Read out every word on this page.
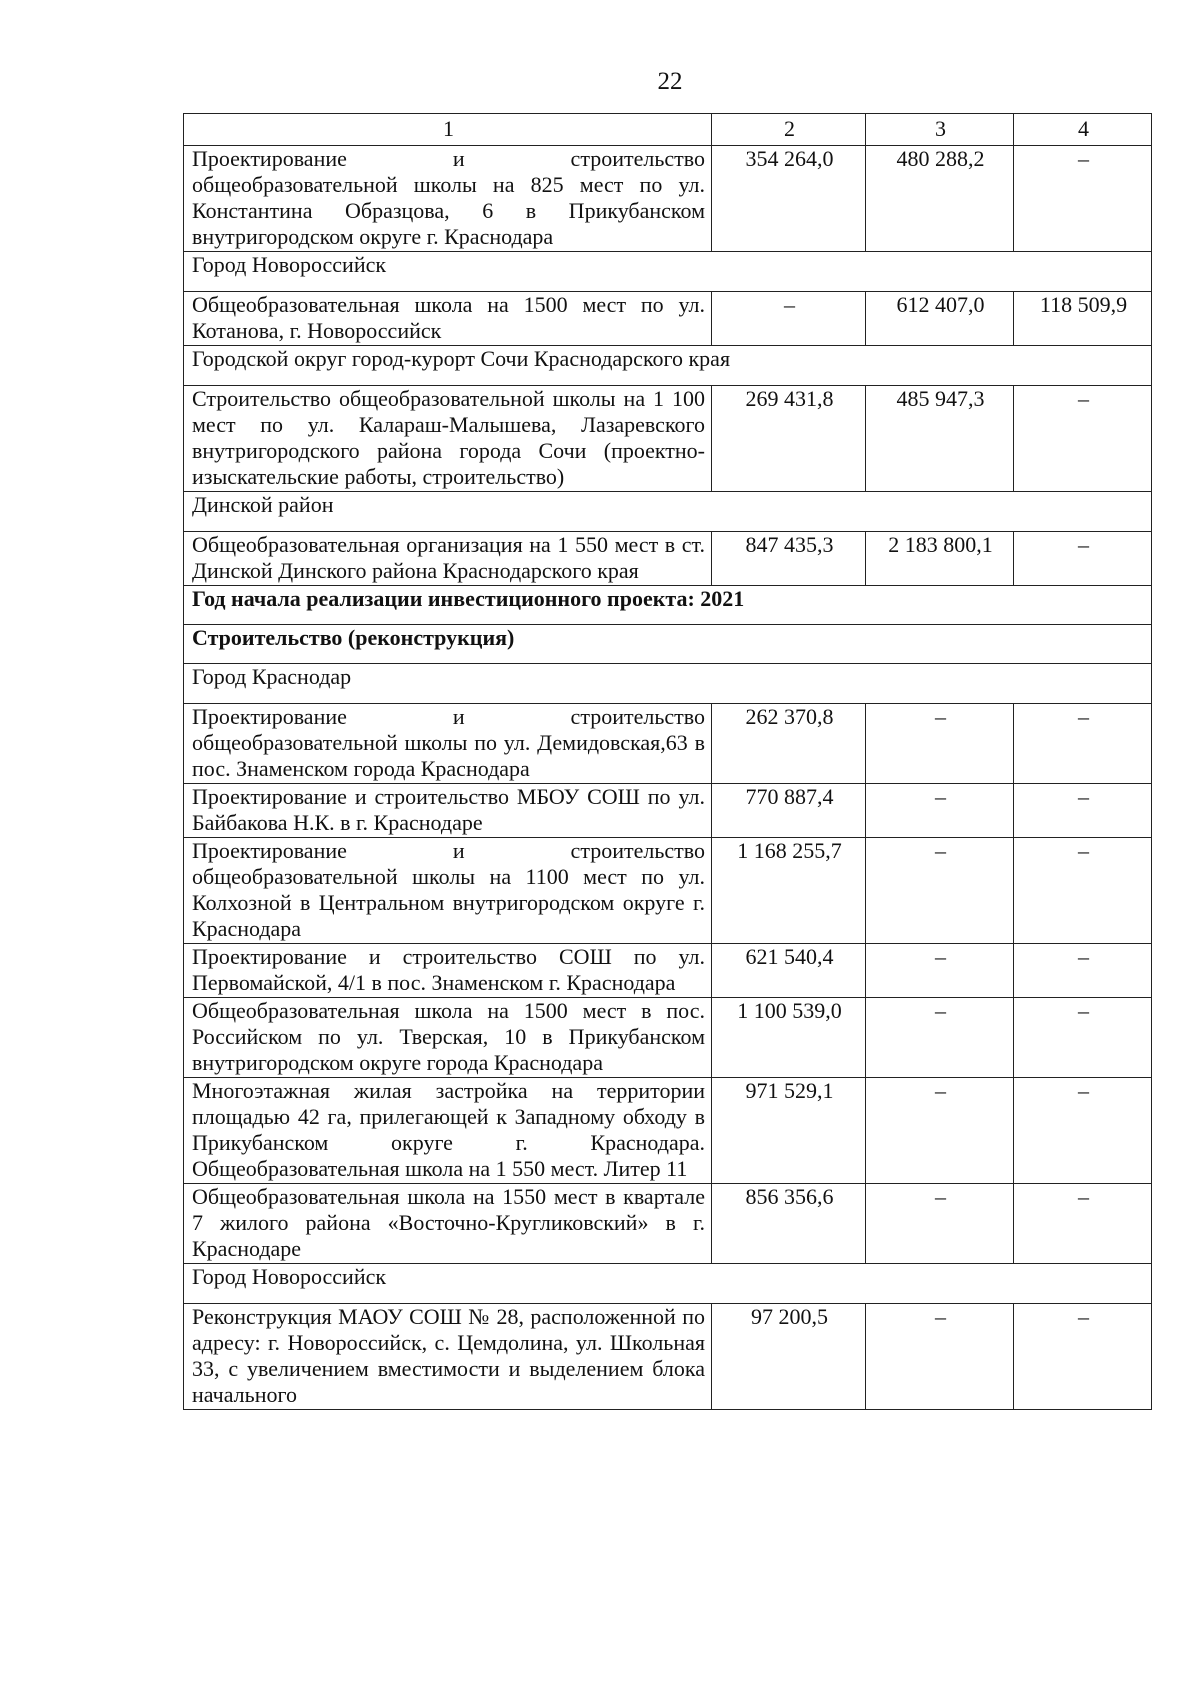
22
1	2	3	4
Проектирование и строительство общеобразовательной школы на 825 мест по ул. Константина Образцова, 6 в Прикубанском внутригородском округе г. Краснодара	354 264,0	480 288,2	–
Город Новороссийск			
Общеобразовательная школа на 1500 мест по ул. Котанова, г. Новороссийск	–	612 407,0	118 509,9
Городской округ город-курорт Сочи Краснодарского края			
Строительство общеобразовательной школы на 1 100 мест по ул. Калараш-Малышева, Лазаревского внутригородского района города Сочи (проектно-изыскательские работы, строительство)	269 431,8	485 947,3	–
Динской район			
Общеобразовательная организация на 1 550 мест в ст. Динской Динского района Краснодарского края	847 435,3	2 183 800,1	–
Год начала реализации инвестиционного проекта: 2021			
Строительство (реконструкция)			
Город Краснодар			
Проектирование и строительство общеобразовательной школы по ул. Демидовская,63 в пос. Знаменском города Краснодара	262 370,8	–	–
Проектирование и строительство МБОУ СОШ по ул. Байбакова Н.К. в г. Краснодаре	770 887,4	–	–
Проектирование и строительство общеобразовательной школы на 1100 мест по ул. Колхозной в Центральном внутригородском округе г. Краснодара	1 168 255,7	–	–
Проектирование и строительство СОШ по ул. Первомайской, 4/1 в пос. Знаменском г. Краснодара	621 540,4	–	–
Общеобразовательная школа на 1500 мест в пос. Российском по ул. Тверская, 10 в Прикубанском внутригородском округе города Краснодара	1 100 539,0	–	–
Многоэтажная жилая застройка на территории площадью 42 га, прилегающей к Западному обходу в Прикубанском округе г. Краснодара. Общеобразовательная школа на 1 550 мест. Литер 11	971 529,1	–	–
Общеобразовательная школа на 1550 мест в квартале 7 жилого района «Восточно-Кругликовский» в г. Краснодаре	856 356,6	–	–
Город Новороссийск			
Реконструкция МАОУ СОШ № 28, расположенной по адресу: г. Новороссийск, с. Цемдолина, ул. Школьная 33, с увеличением вместимости и выделением блока начального	97 200,5	–	–
